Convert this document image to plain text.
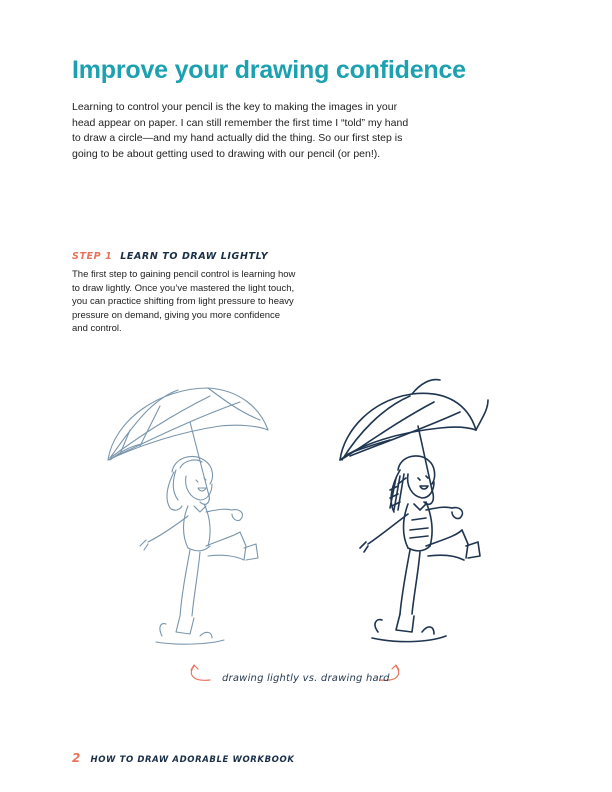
Improve your drawing confidence

Learning to control your pencil is the key to making the images in your head appear on paper. I can still remember the first time I “told” my hand to draw a circle—and my hand actually did the thing. So our first step is going to be about getting used to drawing with our pencil (or pen!).

STEP 1 LEARN TO DRAW LIGHTLY

The first step to gaining pencil control is learning how to draw lightly. Once you’ve mastered the light touch, you can practice shifting from light pressure to heavy pressure on demand, giving you more confidence and control.

drawing lightly vs. drawing hard
2 HOW TO DRAW ADORABLE WORKBOOK
